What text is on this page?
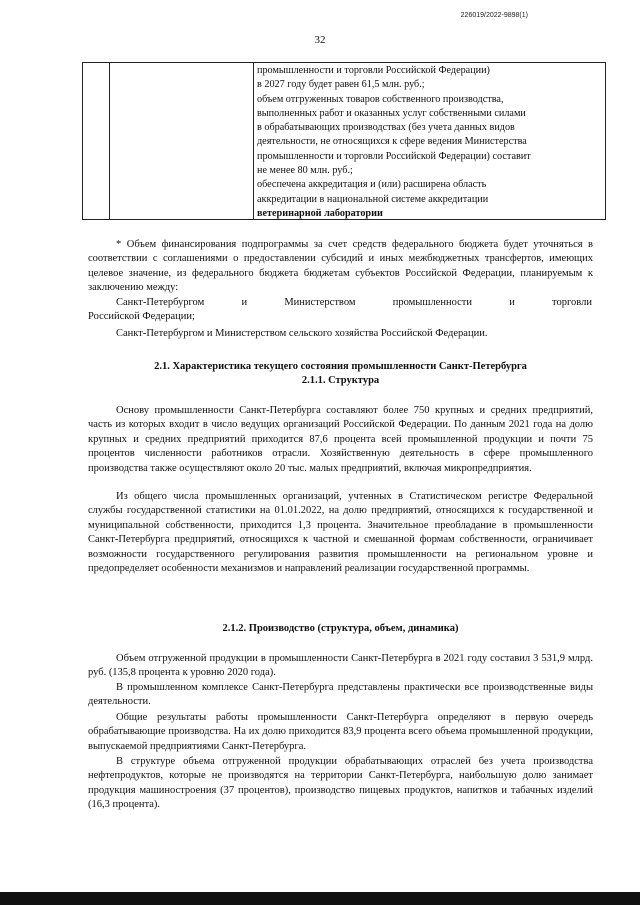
226019/2022-9898(1)
32
промышленности и торговли Российской Федерации)
в 2027 году будет равен 61,5 млн. руб.;
объем отгруженных товаров собственного производства,
выполненных работ и оказанных услуг собственными силами
в обрабатывающих производствах (без учета данных видов
деятельности, не относящихся к сфере ведения Министерства
промышленности и торговли Российской Федерации) составит
не менее 80 млн. руб.;
обеспечена аккредитация и (или) расширена область
аккредитации в национальной системе аккредитации
ветеринарной лаборатории
* Объем финансирования подпрограммы за счет средств федерального бюджета будет уточняться в соответствии с соглашениями о предоставлении субсидий и иных межбюджетных трансфертов, имеющих целевое значение, из федерального бюджета бюджетам субъектов Российской Федерации, планируемым к заключению между:
Санкт-Петербургом	и	Министерством	промышленности	и	торговли
Российской Федерации;
Санкт-Петербургом и Министерством сельского хозяйства Российской Федерации.
2.1. Характеристика текущего состояния промышленности Санкт-Петербурга
2.1.1. Структура
Основу промышленности Санкт-Петербурга составляют более 750 крупных и средних предприятий, часть из которых входит в число ведущих организаций Российской Федерации. По данным 2021 года на долю крупных и средних предприятий приходится 87,6 процента всей промышленной продукции и почти 75 процентов численности работников отрасли. Хозяйственную деятельность в сфере промышленного производства также осуществляют около 20 тыс. малых предприятий, включая микропредприятия.
Из общего числа промышленных организаций, учтенных в Статистическом регистре Федеральной службы государственной статистики на 01.01.2022, на долю предприятий, относящихся к государственной и муниципальной собственности, приходится 1,3 процента. Значительное преобладание в промышленности Санкт-Петербурга предприятий, относящихся к частной и смешанной формам собственности, ограничивает возможности государственного регулирования развития промышленности на региональном уровне и предопределяет особенности механизмов и направлений реализации государственной программы.
2.1.2. Производство (структура, объем, динамика)
Объем отгруженной продукции в промышленности Санкт-Петербурга в 2021 году составил 3 531,9 млрд. руб. (135,8 процента к уровню 2020 года).
В промышленном комплексе Санкт-Петербурга представлены практически все производственные виды деятельности.
Общие результаты работы промышленности Санкт-Петербурга определяют в первую очередь обрабатывающие производства. На их долю приходится 83,9 процента всего объема промышленной продукции, выпускаемой предприятиями Санкт-Петербурга.
В структуре объема отгруженной продукции обрабатывающих отраслей без учета производства нефтепродуктов, которые не производятся на территории Санкт-Петербурга, наибольшую долю занимает продукция машиностроения (37 процентов), производство пищевых продуктов, напитков и табачных изделий (16,3 процента).
